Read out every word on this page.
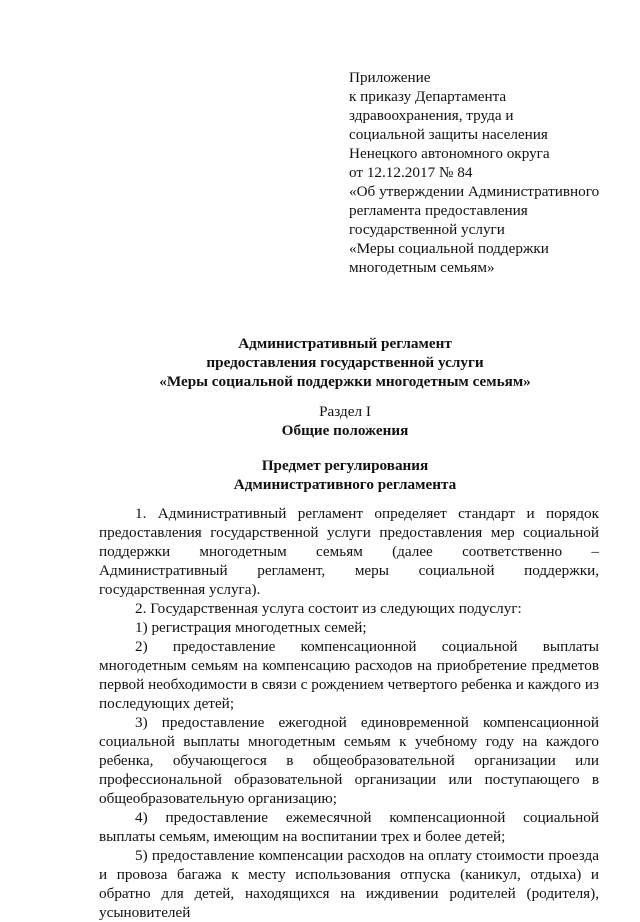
Приложение
к приказу Департамента
здравоохранения, труда и
социальной защиты населения
Ненецкого автономного округа
от 12.12.2017 № 84
«Об утверждении Административного
регламента предоставления
государственной услуги
«Меры социальной поддержки
многодетным семьям»
Административный регламент
предоставления государственной услуги
«Меры социальной поддержки многодетным семьям»
Раздел I
Общие положения
Предмет регулирования
Административного регламента

1. Административный регламент определяет стандарт и порядок предоставления государственной услуги предоставления мер социальной поддержки многодетным семьям (далее соответственно – Административный регламент, меры социальной поддержки, государственная услуга).

2. Государственная услуга состоит из следующих подуслуг:

1) регистрация многодетных семей;

2) предоставление компенсационной социальной выплаты многодетным семьям на компенсацию расходов на приобретение предметов первой необходимости в связи с рождением четвертого ребенка и каждого из последующих детей;

3) предоставление ежегодной единовременной компенсационной социальной выплаты многодетным семьям к учебному году на каждого ребенка, обучающегося в общеобразовательной организации или профессиональной образовательной организации или поступающего в общеобразовательную организацию;

4) предоставление ежемесячной компенсационной социальной выплаты семьям, имеющим на воспитании трех и более детей;

5) предоставление компенсации расходов на оплату стоимости проезда и провоза багажа к месту использования отпуска (каникул, отдыха) и обратно для детей, находящихся на иждивении родителей (родителя), усыновителей
